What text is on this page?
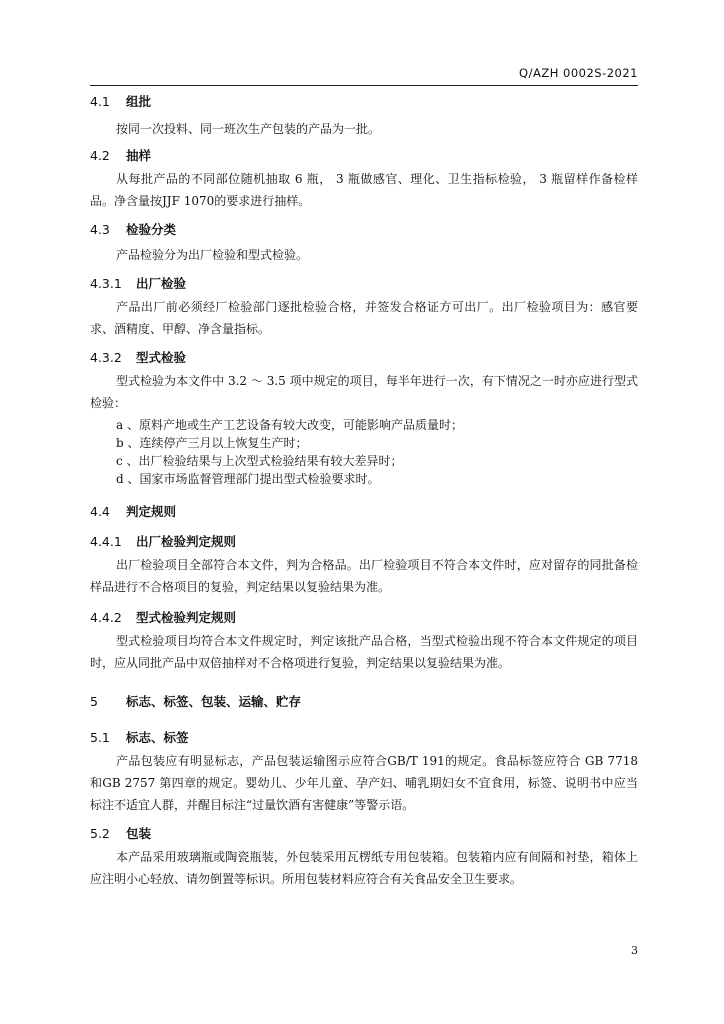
Q/AZH 0002S-2021
4.1	组批

按同一次投料、同一班次生产包装的产品为一批。

4.2	抽样

从每批产品的不同部位随机抽取 6 瓶， 3 瓶做感官、理化、卫生指标检验， 3 瓶留样作备检样品。净含量按JJF 1070的要求进行抽样。

4.3	检验分类

产品检验分为出厂检验和型式检验。

4.3.1	出厂检验

产品出厂前必须经厂检验部门逐批检验合格，并签发合格证方可出厂。出厂检验项目为：感官要求、酒精度、甲醇、净含量指标。

4.3.2	型式检验

型式检验为本文件中 3.2 ～ 3.5 项中规定的项目，每半年进行一次，有下情况之一时亦应进行型式检验：

a 、原料产地或生产工艺设备有较大改变，可能影响产品质量时；

b 、连续停产三月以上恢复生产时；

c 、出厂检验结果与上次型式检验结果有较大差异时；

d 、国家市场监督管理部门提出型式检验要求时。

4.4	判定规则
4.4.1	出厂检验判定规则

出厂检验项目全部符合本文件，判为合格品。出厂检验项目不符合本文件时，应对留存的同批备检样品进行不合格项目的复验，判定结果以复验结果为准。

4.4.2	型式检验判定规则

型式检验项目均符合本文件规定时，判定该批产品合格，当型式检验出现不符合本文件规定的项目时，应从同批产品中双倍抽样对不合格项进行复验，判定结果以复验结果为准。

5	标志、标签、包装、运输、贮存
5.1	标志、标签

产品包装应有明显标志，产品包装运输图示应符合GB/T 191的规定。食品标签应符合 GB 7718 和GB 2757 第四章的规定。婴幼儿、少年儿童、孕产妇、哺乳期妇女不宜食用，标签、说明书中应当标注不适宜人群，并醒目标注“过量饮酒有害健康”等警示语。

5.2	包装

本产品采用玻璃瓶或陶瓷瓶装，外包装采用瓦楞纸专用包装箱。包装箱内应有间隔和衬垫，箱体上应注明小心轻放、请勿倒置等标识。所用包装材料应符合有关食品安全卫生要求。

3
